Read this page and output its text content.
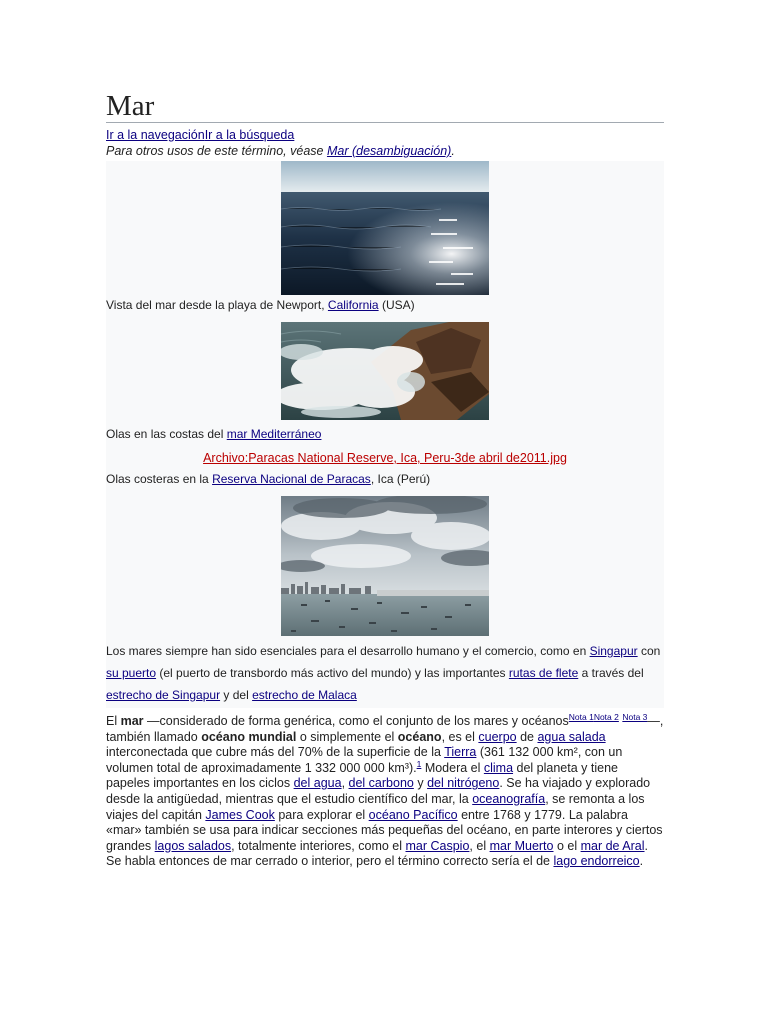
Mar
Ir a la navegaciónIr a la búsqueda
Para otros usos de este término, véase Mar (desambiguación).
Vista del mar desde la playa de Newport, California (USA)
Olas en las costas del mar Mediterráneo
Archivo:Paracas National Reserve, Ica, Peru-3de abril de2011.jpg
Olas costeras en la Reserva Nacional de Paracas, Ica (Perú)
Los mares siempre han sido esenciales para el desarrollo humano y el comercio, como en Singapur con su puerto (el puerto de transbordo más activo del mundo) y las importantes rutas de flete a través del estrecho de Singapur y del estrecho de Malaca

El mar —considerado de forma genérica, como el conjunto de los mares y océanos$^{Nota 1Nota 2}$ $^{Nota 3}$—, también llamado océano mundial o simplemente el océano, es el cuerpo de agua salada interconectada que cubre más del 70% de la superficie de la Tierra (361 132 000 km², con un volumen total de aproximadamente 1 332 000 000 km³).$^1$ Modera el clima del planeta y tiene papeles importantes en los ciclos del agua, del carbono y del nitrógeno. Se ha viajado y explorado desde la antigüedad, mientras que el estudio científico del mar, la oceanografía, se remonta a los viajes del capitán James Cook para explorar el océano Pacífico entre 1768 y 1779. La palabra «mar» también se usa para indicar secciones más pequeñas del océano, en parte interores y ciertos grandes lagos salados, totalmente interiores, como el mar Caspio, el mar Muerto o el mar de Aral. Se habla entonces de mar cerrado o interior, pero el término correcto sería el de lago endorreico.
